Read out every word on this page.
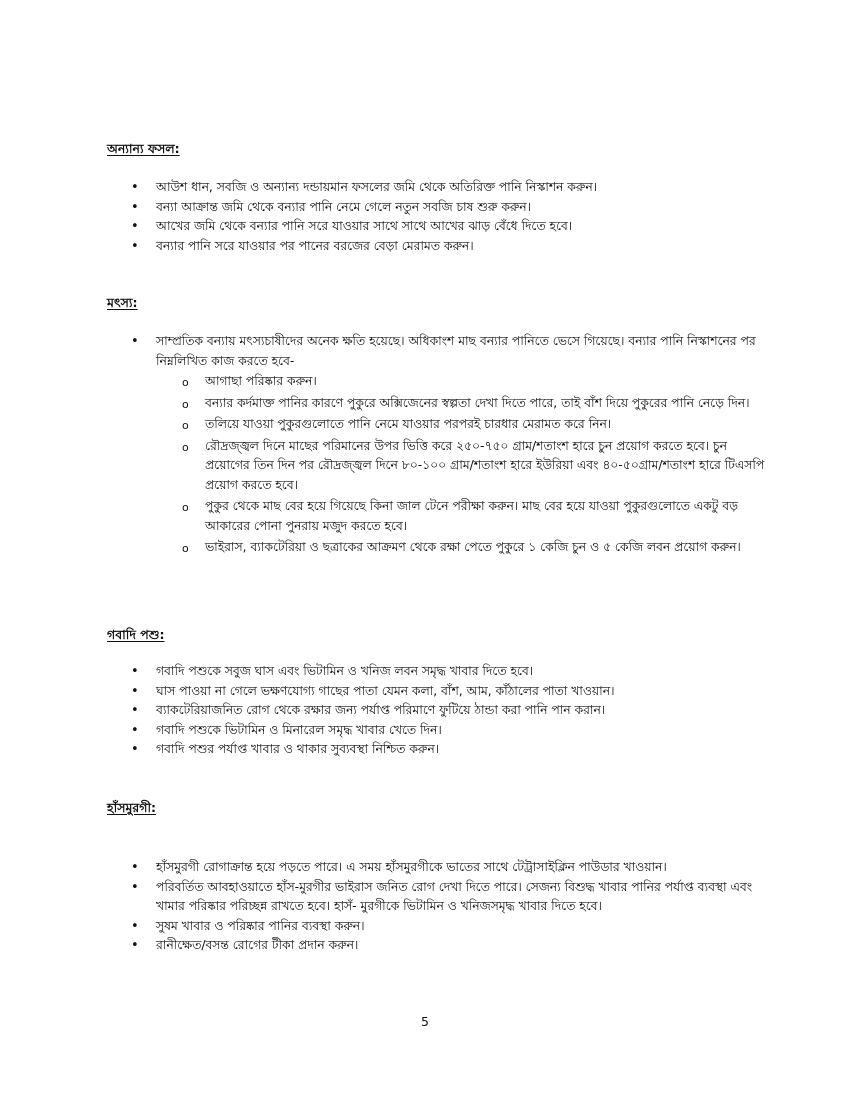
অন্যান্য ফসল:
• আউশ ধান, সবজি ও অন্যান্য দন্ডায়মান ফসলের জমি থেকে অতিরিক্ত পানি নিস্কাশন করুন।
• বন্যা আক্রান্ত জমি থেকে বন্যার পানি নেমে গেলে নতুন সবজি চাষ শুরু করুন।
• আখের জমি থেকে বন্যার পানি সরে যাওয়ার সাথে সাথে আখের ঝাড় বেঁধে দিতে হবে।
• বন্যার পানি সরে যাওয়ার পর পানের বরজের বেড়া মেরামত করুন।
মৎস্য:
• সাম্প্রতিক বন্যায় মৎস্যচাষীদের অনেক ক্ষতি হয়েছে। অধিকাংশ মাছ বন্যার পানিতে ভেসে গিয়েছে। বন্যার পানি নিস্কাশনের পর নিম্নলিখিত কাজ করতে হবে-
o আগাছা পরিষ্কার করুন।
o বন্যার কর্দমাক্ত পানির কারণে পুকুরে অক্সিজেনের স্বল্পতা দেখা দিতে পারে, তাই বাঁশ দিয়ে পুকুরের পানি নেড়ে দিন।
o তলিয়ে যাওয়া পুকুরগুলোতে পানি নেমে যাওয়ার পরপরই চারধার মেরামত করে নিন।
o রৌদ্রজ্জ্বল দিনে মাছের পরিমানের উপর ভিত্তি করে ২৫০-৭৫০ গ্রাম/শতাংশ হারে চুন প্রয়োগ করতে হবে। চুন প্রয়োগের তিন দিন পর রৌদ্রজ্জ্বল দিনে ৮০-১০০ গ্রাম/শতাংশ হারে ইউরিয়া এবং ৪০-৫০গ্রাম/শতাংশ হারে টিএসপি প্রয়োগ করতে হবে।
o পুকুর থেকে মাছ বের হয়ে গিয়েছে কিনা জাল টেনে পরীক্ষা করুন। মাছ বের হয়ে যাওয়া পুকুরগুলোতে একটু বড় আকারের পোনা পুনরায় মজুদ করতে হবে।
o ভাইরাস, ব্যাকটেরিয়া ও ছত্রাকের আক্রমণ থেকে রক্ষা পেতে পুকুরে ১ কেজি চুন ও ৫ কেজি লবন প্রয়োগ করুন।
গবাদি পশু:
• গবাদি পশুকে সবুজ ঘাস এবং ভিটামিন ও খনিজ লবন সমৃদ্ধ খাবার দিতে হবে।
• ঘাস পাওয়া না গেলে ভক্ষণযোগ্য গাছের পাতা যেমন কলা, বাঁশ, আম, কাঁঠালের পাতা খাওয়ান।
• ব্যাকটেরিয়াজনিত রোগ থেকে রক্ষার জন্য পর্যাপ্ত পরিমাণে ফুটিয়ে ঠান্ডা করা পানি পান করান।
• গবাদি পশুকে ভিটামিন ও মিনারেল সমৃদ্ধ খাবার খেতে দিন।
• গবাদি পশুর পর্যাপ্ত খাবার ও থাকার সুব্যবস্থা নিশ্চিত করুন।
হাঁসমুরগী:
• হাঁসমুরগী রোগাক্রান্ত হয়ে পড়তে পারে। এ সময় হাঁসমুরগীকে ভাতের সাথে টেট্রাসাইক্লিন পাউডার খাওয়ান।
• পরিবর্তিত আবহাওয়াতে হাঁস-মুরগীর ভাইরাস জনিত রোগ দেখা দিতে পারে। সেজন্য বিশুদ্ধ খাবার পানির পর্যাপ্ত ব্যবস্থা এবং খামার পরিষ্কার পরিচ্ছন্ন রাখতে হবে। হাসঁ- মুরগীকে ভিটামিন ও খনিজসমৃদ্ধ খাবার দিতে হবে।
• সুষম খাবার ও পরিষ্কার পানির ব্যবস্থা করুন।
• রানীক্ষেত/বসন্ত রোগের টীকা প্রদান করুন।
5
